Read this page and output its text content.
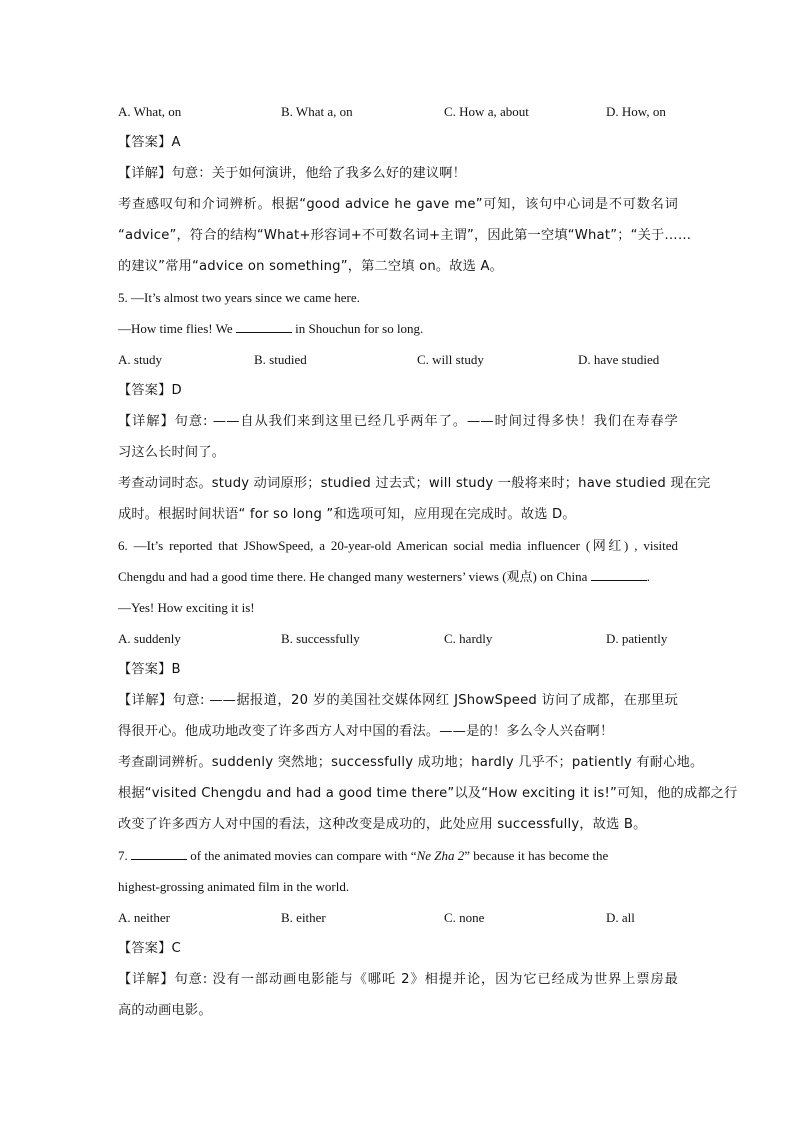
A. What, on	B. What a, on	C. How a, about	D. How, on
【答案】A
【详解】句意：关于如何演讲，他给了我多么好的建议啊！
考查感叹句和介词辨析。根据“good advice he gave me”可知，该句中心词是不可数名词
“advice”，符合的结构“What+形容词+不可数名词+主谓”，因此第一空填“What”；“关于……
的建议”常用“advice on something”，第二空填 on。故选 A。
5. —It’s almost two years since we came here.
—How time flies! We	in Shouchun for so long.
A. study	B. studied	C. will study	D. have studied
【答案】D
【详解】句意: ——自从我们来到这里已经几乎两年了。——时间过得多快！我们在寿春学
习这么长时间了。
考查动词时态。study 动词原形；studied 过去式；will study 一般将来时；have studied 现在完
成时。根据时间状语“ for so long ”和选项可知，应用现在完成时。故选 D。
6. —It’s reported that JShowSpeed, a 20-year-old American social media influencer (网红) , visited
Chengdu and had a good time there. He changed many westerners’ views (观点) on China	.
—Yes! How exciting it is!
A. suddenly	B. successfully	C. hardly	D. patiently
【答案】B
【详解】句意: ——据报道，20 岁的美国社交媒体网红 JShowSpeed 访问了成都，在那里玩
得很开心。他成功地改变了许多西方人对中国的看法。——是的！多么令人兴奋啊！
考查副词辨析。suddenly 突然地；successfully 成功地；hardly 几乎不；patiently 有耐心地。
根据“visited Chengdu and had a good time there”以及“How exciting it is!”可知，他的成都之行
改变了许多西方人对中国的看法，这种改变是成功的，此处应用 successfully，故选 B。
7.	of the animated movies can compare with “Ne Zha 2” because it has become the
highest-grossing animated film in the world.
A. neither	B. either	C. none	D. all
【答案】C
【详解】句意: 没有一部动画电影能与《哪吒 2》相提并论，因为它已经成为世界上票房最
高的动画电影。
